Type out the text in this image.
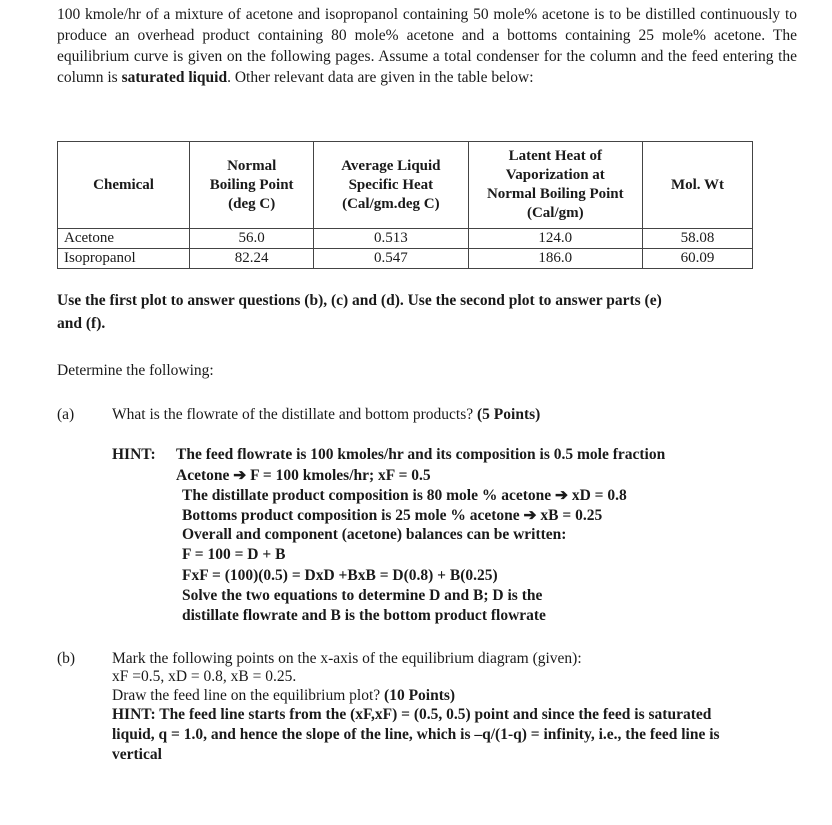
100 kmole/hr of a mixture of acetone and isopropanol containing 50 mole% acetone is to be distilled continuously to produce an overhead product containing 80 mole% acetone and a bottoms containing 25 mole% acetone. The equilibrium curve is given on the following pages. Assume a total condenser for the column and the feed entering the column is saturated liquid. Other relevant data are given in the table below:

Chemical	Normal
Boiling Point
(deg C)	Average Liquid
Specific Heat
(Cal/gm.deg C)	Latent Heat of
Vaporization at
Normal Boiling Point
(Cal/gm)	Mol. Wt
Acetone	56.0	0.513	124.0	58.08
Isopropanol	82.24	0.547	186.0	60.09
Use the first plot to answer questions (b), (c) and (d). Use the second plot to answer parts (e)
and (f).
Determine the following:
(a) What is the flowrate of the distillate and bottom products? (5 Points)
HINT: The feed flowrate is 100 kmoles/hr and its composition is 0.5 mole fraction
Acetone ➔ F = 100 kmoles/hr; xF = 0.5
The distillate product composition is 80 mole % acetone ➔ xD = 0.8
Bottoms product composition is 25 mole % acetone ➔ xB = 0.25
Overall and component (acetone) balances can be written:
F = 100 = D + B
FxF = (100)(0.5) = DxD +BxB = D(0.8) + B(0.25)
Solve the two equations to determine D and B; D is the
distillate flowrate and B is the bottom product flowrate
(b) Mark the following points on the x-axis of the equilibrium diagram (given):
xF =0.5, xD = 0.8, xB = 0.25.
Draw the feed line on the equilibrium plot? (10 Points)
HINT: The feed line starts from the (xF,xF) = (0.5, 0.5) point and since the feed is saturated
liquid, q = 1.0, and hence the slope of the line, which is –q/(1-q) = infinity, i.e., the feed line is
vertical
